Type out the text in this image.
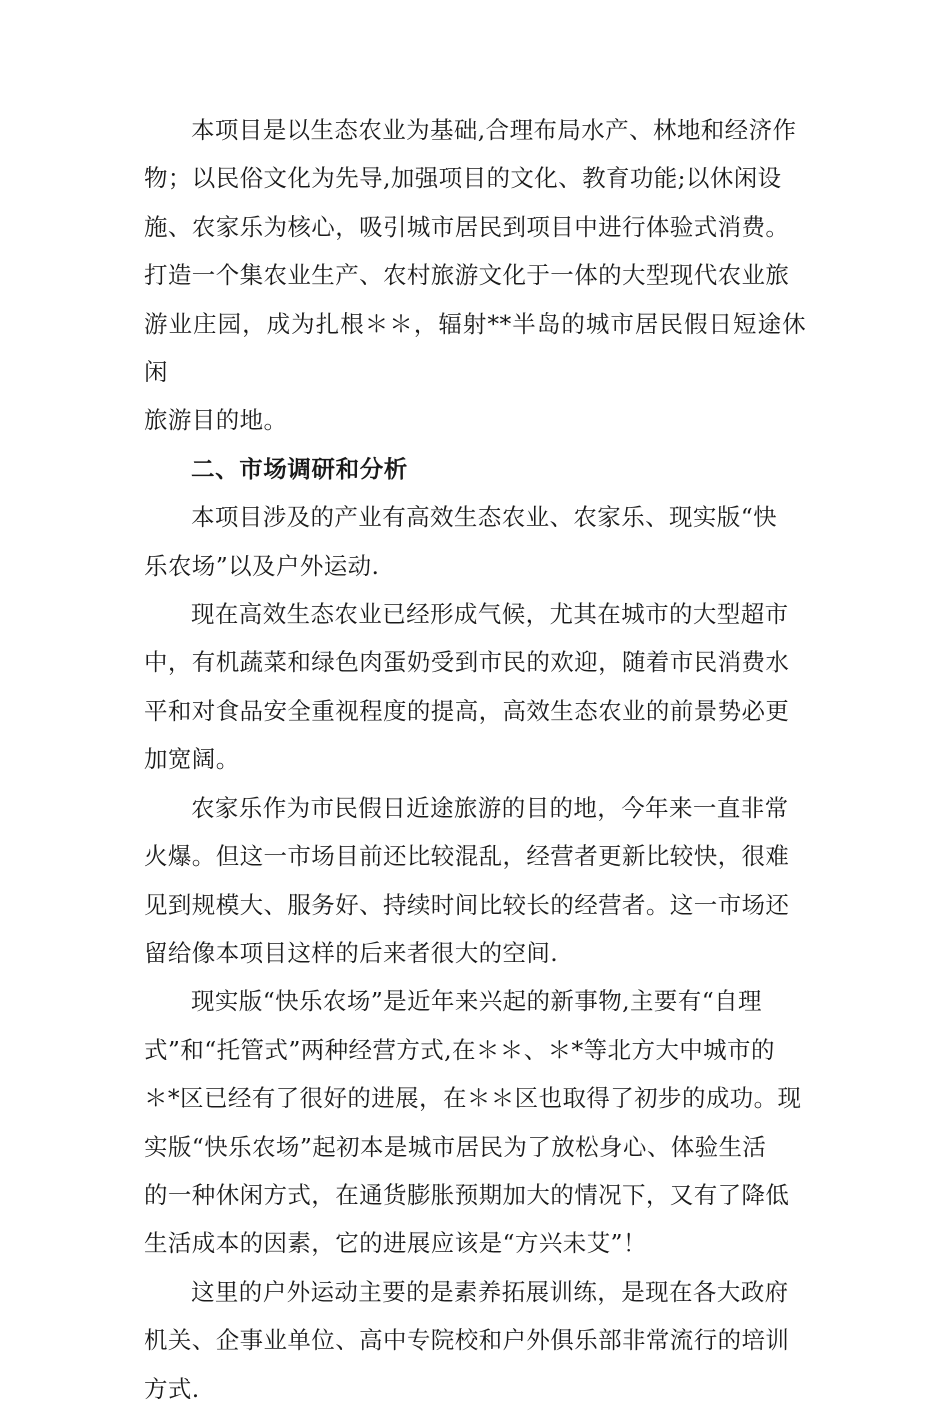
本项目是以生态农业为基础,合理布局水产、林地和经济作
物；以民俗文化为先导,加强项目的文化、教育功能;以休闲设
施、农家乐为核心，吸引城市居民到项目中进行体验式消费。
打造一个集农业生产、农村旅游文化于一体的大型现代农业旅
游业庄园，成为扎根＊＊，辐射**半岛的城市居民假日短途休闲
旅游目的地。

二、市场调研和分析

本项目涉及的产业有高效生态农业、农家乐、现实版“快
乐农场”以及户外运动.

现在高效生态农业已经形成气候，尤其在城市的大型超市
中，有机蔬菜和绿色肉蛋奶受到市民的欢迎，随着市民消费水
平和对食品安全重视程度的提高，高效生态农业的前景势必更
加宽阔。

农家乐作为市民假日近途旅游的目的地，今年来一直非常
火爆。但这一市场目前还比较混乱，经营者更新比较快，很难
见到规模大、服务好、持续时间比较长的经营者。这一市场还
留给像本项目这样的后来者很大的空间.

现实版“快乐农场”是近年来兴起的新事物,主要有“自理
式”和“托管式”两种经营方式,在＊＊、＊*等北方大中城市的
＊*区已经有了很好的进展，在＊＊区也取得了初步的成功。现
实版“快乐农场”起初本是城市居民为了放松身心、体验生活
的一种休闲方式，在通货膨胀预期加大的情况下，又有了降低
生活成本的因素，它的进展应该是“方兴未艾”！

这里的户外运动主要的是素养拓展训练，是现在各大政府
机关、企事业单位、高中专院校和户外俱乐部非常流行的培训
方式.
